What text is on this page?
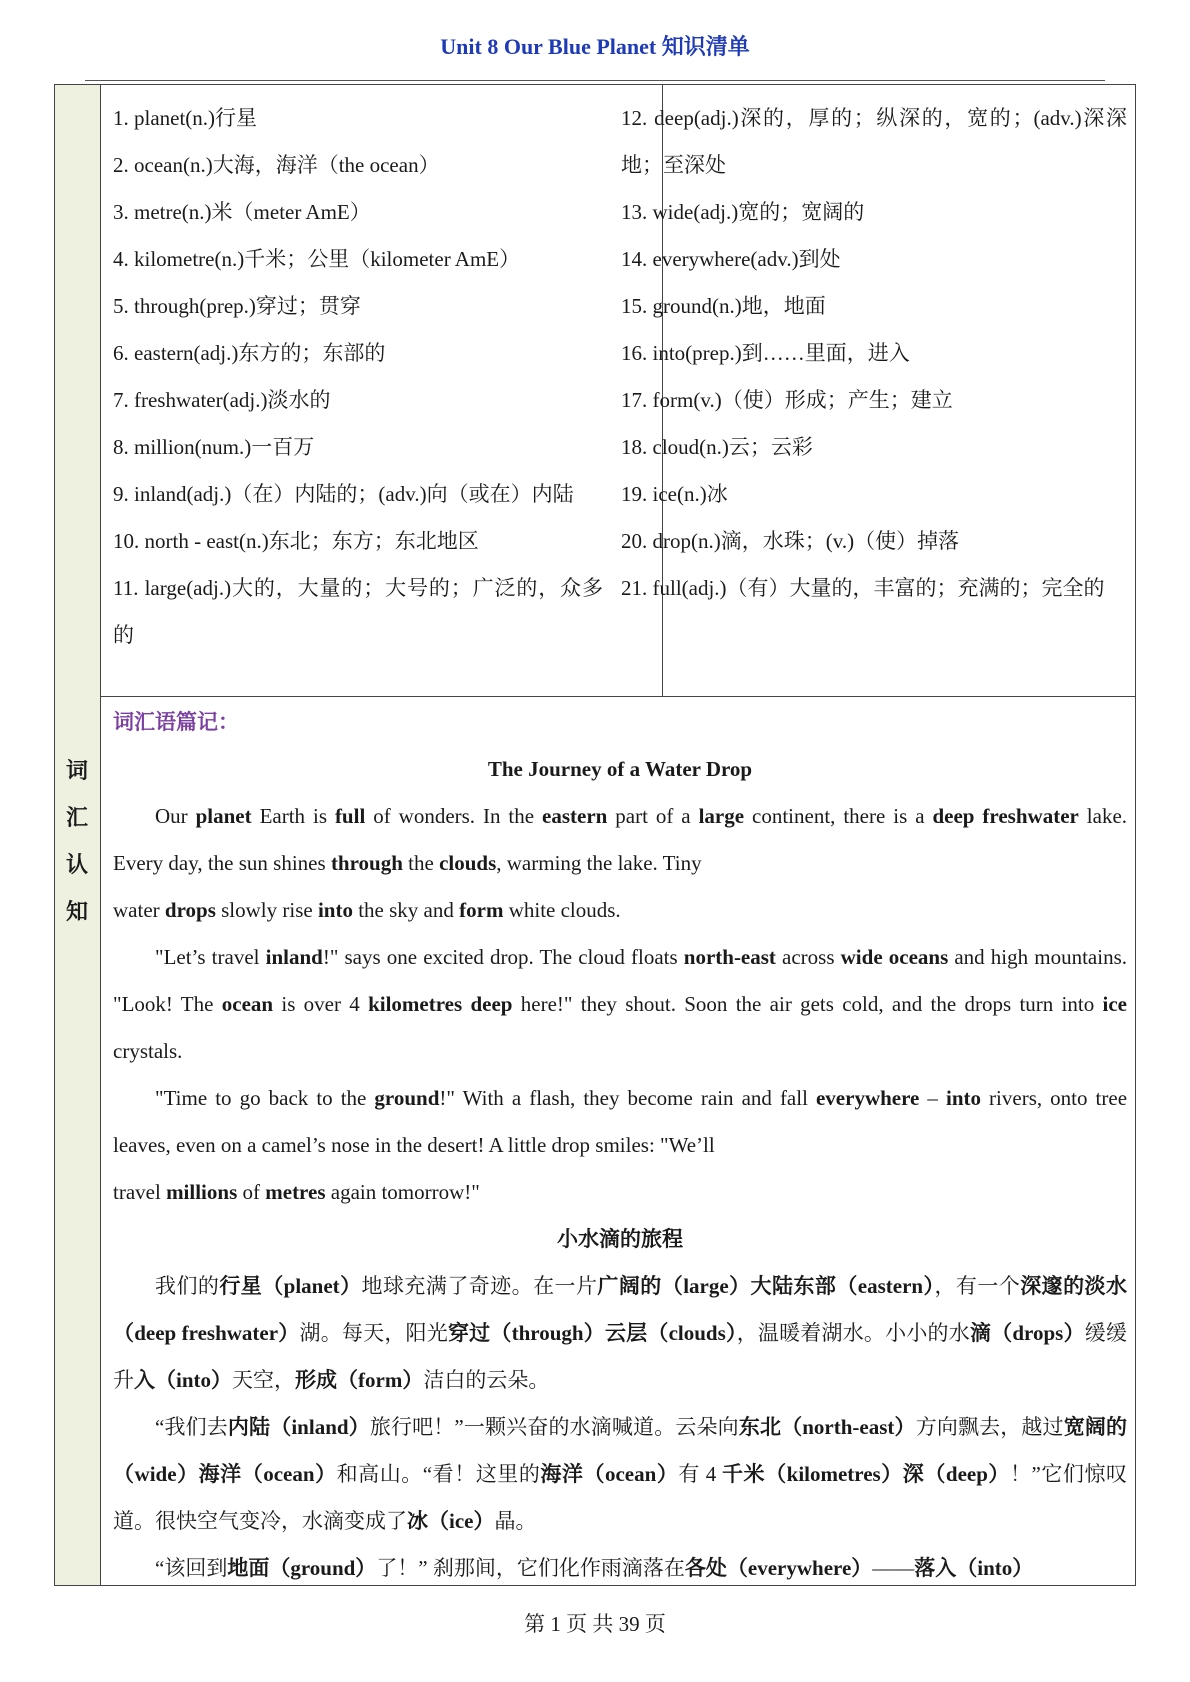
Unit 8 Our Blue Planet 知识清单
词
汇
认
知
1. planet(n.)行星
2. ocean(n.)大海，海洋（the ocean）
3. metre(n.)米（meter AmE）
4. kilometre(n.)千米；公里（kilometer AmE）
5. through(prep.)穿过；贯穿
6. eastern(adj.)东方的；东部的
7. freshwater(adj.)淡水的
8. million(num.)一百万
9. inland(adj.)（在）内陆的；(adv.)向（或在）内陆
10. north - east(n.)东北；东方；东北地区
11. large(adj.)大的，大量的；大号的；广泛的，众多的
12. deep(adj.)深的，厚的；纵深的，宽的；(adv.)深深地；至深处
13. wide(adj.)宽的；宽阔的
14. everywhere(adv.)到处
15. ground(n.)地，地面
16. into(prep.)到……里面，进入
17. form(v.)（使）形成；产生；建立
18. cloud(n.)云；云彩
19. ice(n.)冰
20. drop(n.)滴，水珠；(v.)（使）掉落
21. full(adj.)（有）大量的，丰富的；充满的；完全的
词汇语篇记：
The Journey of a Water Drop
Our planet Earth is full of wonders. In the eastern part of a large continent, there is a deep freshwater lake. Every day, the sun shines through the clouds, warming the lake. Tiny
water drops slowly rise into the sky and form white clouds.
"Let’s travel inland!" says one excited drop. The cloud floats north-east across wide oceans and high mountains. "Look! The ocean is over 4 kilometres deep here!" they shout. Soon the air gets cold, and the drops turn into ice crystals.
"Time to go back to the ground!" With a flash, they become rain and fall everywhere – into rivers, onto tree leaves, even on a camel’s nose in the desert! A little drop smiles: "We’ll
travel millions of metres again tomorrow!"
小水滴的旅程
我们的行星（planet）地球充满了奇迹。在一片广阔的（large）大陆东部（eastern），有一个深邃的淡水（deep freshwater）湖。每天，阳光穿过（through）云层（clouds），温暖着湖水。小小的水滴（drops）缓缓升入（into）天空，形成（form）洁白的云朵。
“我们去内陆（inland）旅行吧！”一颗兴奋的水滴喊道。云朵向东北（north-east）方向飘去，越过宽阔的（wide）海洋（ocean）和高山。“看！这里的海洋（ocean）有 4 千米（kilometres）深（deep）！”它们惊叹道。很快空气变冷，水滴变成了冰（ice）晶。
“该回到地面（ground）了！” 刹那间，它们化作雨滴落在各处（everywhere）——落入（into）
第 1 页 共 39 页
